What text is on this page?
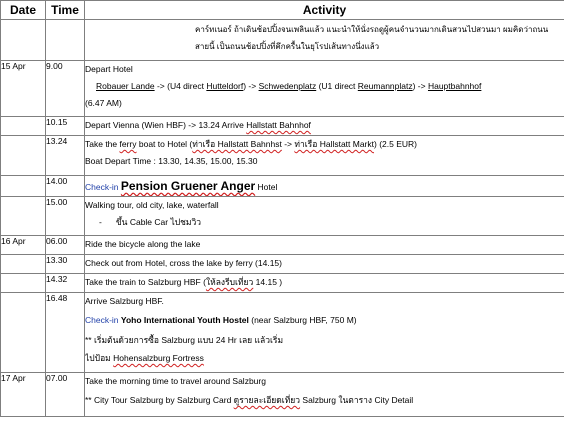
Date	Time	Activity

		คาร์ทเนอร์ ถ้าเดินช้อปปิ้งจนเพลินแล้ว แนะนำให้นั่งรถดูผู้คนจำนวนมากเดินสวนไปสวนมา ผมคิดว่าถนน
สายนี้ เป็นถนนช้อปปิ้งที่คึกครื้นในยุโรปเส้นทางนึ่งแล้ว

15 Apr	9.00	Depart Hotel
Robauer Lande -> (U4 direct Hutteldorf) -> Schwedenplatz (U1 direct Reumannplatz) -> Hauptbahnhof
(6.47 AM)

	10.15	Depart Vienna (Wien HBF) -> 13.24 Arrive Hallstatt Bahnhof

	13.24	Take the ferry boat to Hotel (ท่าเรือ Hallstatt Bahnhst -> ท่าเรือ Hallstatt Markt) (2.5 EUR)
Boat Depart Time : 13.30, 14.35, 15.00, 15.30

	14.00	Check-in Pension Gruener Anger Hotel

	15.00	Walking tour, old city, lake, waterfall
- ขึ้น Cable Car ไปชมวิว

16 Apr	06.00	Ride the bicycle along the lake

	13.30	Check out from Hotel, cross the lake by ferry (14.15)

	14.32	Take the train to Salzburg HBF (ให้ลงรีบเที่ยว 14.15 )

	16.48	Arrive Salzburg HBF.
Check-in Yoho International Youth Hostel (near Salzburg HBF, 750 M)
** เริ่มต้นด้วยการซื้อ Salzburg แบบ 24 Hr เลย แล้วเริ่ม
ไปป้อม Hohensalzburg Fortress

17 Apr	07.00	Take the morning time to travel around Salzburg
** City Tour Salzburg by Salzburg Card ดูรายละเอียดเที่ยว Salzburg ในตาราง City Detail
